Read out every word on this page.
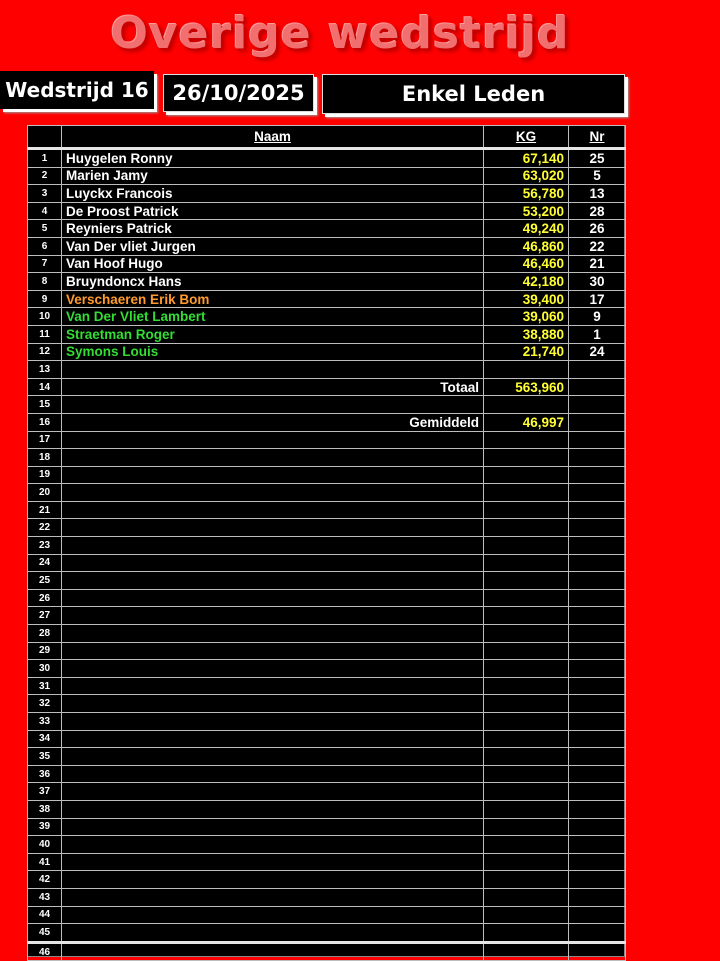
Overige wedstrijd
Wedstrijd 16 26/10/2025	Enkel Leden
	Naam	KG	Nr
1	Huygelen Ronny	67,140	25
2	Marien Jamy	63,020	5
3	Luyckx Francois	56,780	13
4	De Proost Patrick	53,200	28
5	Reyniers Patrick	49,240	26
6	Van Der vliet Jurgen	46,860	22
7	Van Hoof Hugo	46,460	21
8	Bruyndoncx Hans	42,180	30
9	Verschaeren Erik Bom	39,400	17
10	Van Der Vliet Lambert	39,060	9
11	Straetman Roger	38,880	1
12	Symons Louis	21,740	24
13			
14	Totaal	563,960	
15			
16	Gemiddeld	46,997	
17			
18			
19			
20			
21			
22			
23			
24			
25			
26			
27			
28			
29			
30			
31			
32			
33			
34			
35			
36			
37			
38			
39			
40			
41			
42			
43			
44			
45			
46			
